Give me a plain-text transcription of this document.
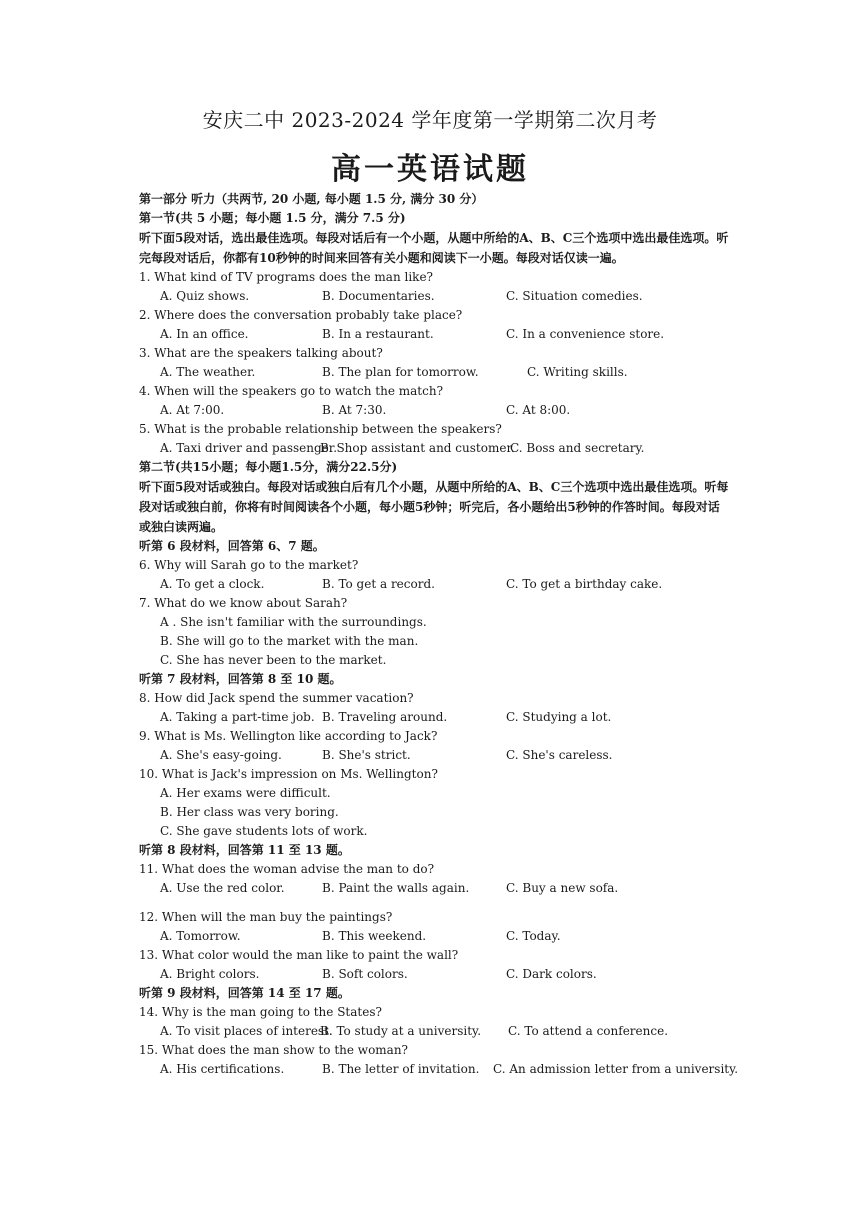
安庆二中 2023-2024 学年度第一学期第二次月考
高一英语试题
第一部分 听力（共两节, 20 小题, 每小题 1.5 分, 满分 30 分）
第一节(共 5 小题；每小题 1.5 分，满分 7.5 分)
听下面5段对话，选出最佳选项。每段对话后有一个小题，从题中所给的A、B、C三个选项中选出最佳选项。听完每段对话后，你都有10秒钟的时间来回答有关小题和阅读下一小题。每段对话仅读一遍。
1. What kind of TV programs does the man like?
A. Quiz shows.	B. Documentaries.	C. Situation comedies.
2. Where does the conversation probably take place?
A. In an office.	B. In a restaurant.	C. In a convenience store.
3. What are the speakers talking about?
A. The weather.	B. The plan for tomorrow.	C. Writing skills.
4. When will the speakers go to watch the match?
A. At 7:00.	B. At 7:30.	C. At 8:00.
5. What is the probable relationship between the speakers?
A. Taxi driver and passenger.
B. Shop assistant and customer.
C. Boss and secretary.
第二节(共15小题；每小题1.5分，满分22.5分)
听下面5段对话或独白。每段对话或独白后有几个小题，从题中所给的A、B、C三个选项中选出最佳选项。听每段对话或独白前，你将有时间阅读各个小题，每小题5秒钟；听完后，各小题给出5秒钟的作答时间。每段对话或独白读两遍。
听第 6 段材料，回答第 6、7 题。
6. Why will Sarah go to the market?
A. To get a clock.	B. To get a record.	C. To get a birthday cake.
7. What do we know about Sarah?
A . She isn't familiar with the surroundings.
B. She will go to the market with the man.
C. She has never been to the market.
听第 7 段材料，回答第 8 至 10 题。
8. How did Jack spend the summer vacation?
A. Taking a part-time job. B. Traveling around.	C. Studying a lot.
9. What is Ms. Wellington like according to Jack?
A. She's easy-going.	B. She's strict.	C. She's careless.
10. What is Jack's impression on Ms. Wellington?
A. Her exams were difficult.
B. Her class was very boring.
C. She gave students lots of work.
听第 8 段材料，回答第 11 至 13 题。
11. What does the woman advise the man to do?
A. Use the red color.	B. Paint the walls again.	C. Buy a new sofa.
12. When will the man buy the paintings?
A. Tomorrow.	B. This weekend.	C. Today.
13. What color would the man like to paint the wall?
A. Bright colors.	B. Soft colors.	C. Dark colors.
听第 9 段材料，回答第 14 至 17 题。
14. Why is the man going to the States?
A. To visit places of interest.
B. To study at a university. C. To attend a conference.
15. What does the man show to the woman?
A. His certifications.	B. The letter of invitation. C. An admission letter from a university.
